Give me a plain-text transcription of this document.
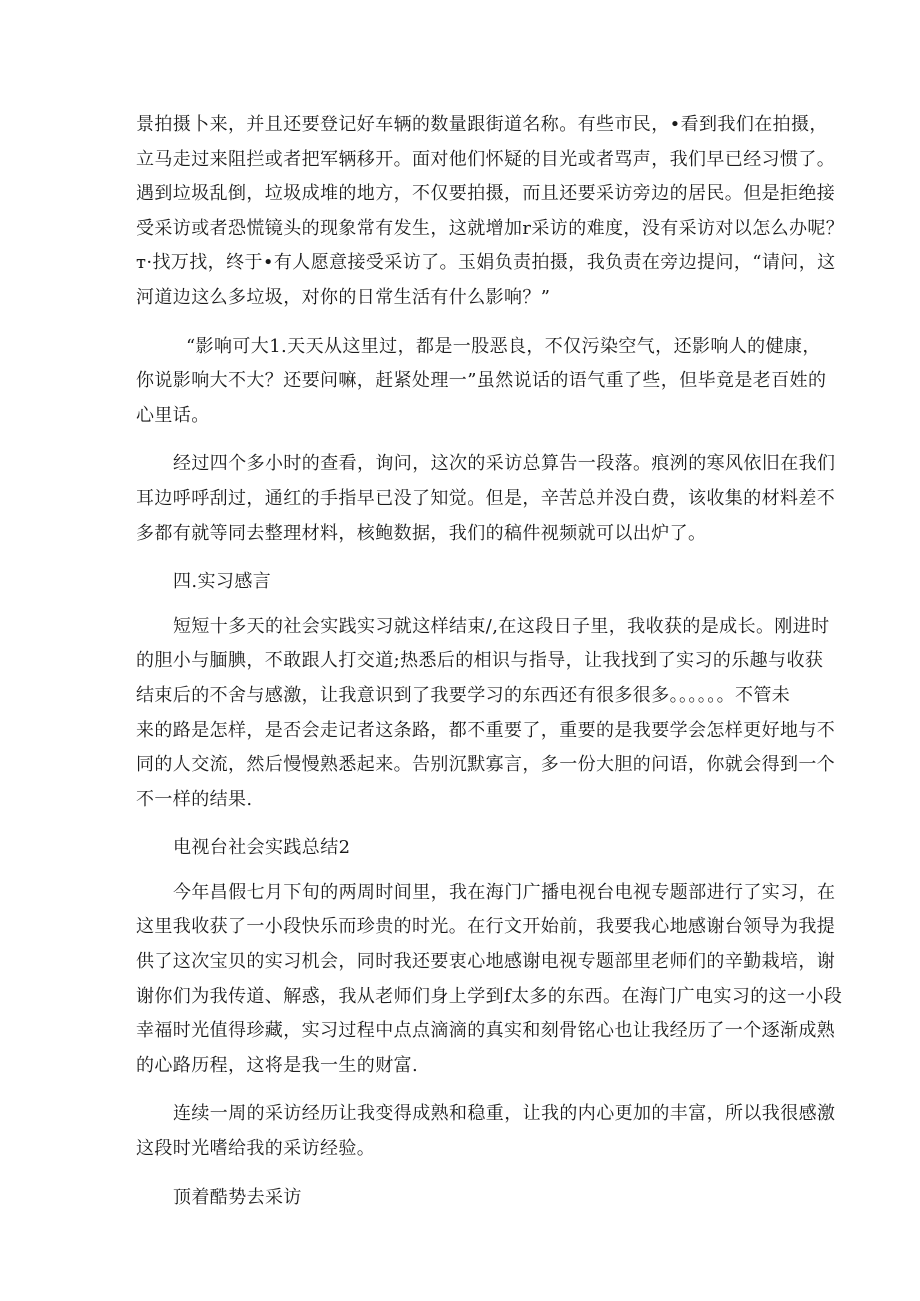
景拍摄卜来，并且还要登记好车辆的数量跟街道名称。有些市民，•看到我们在拍摄，
立马走过来阻拦或者把军辆移开。面对他们怀疑的目光或者骂声，我们早已经习惯了。
遇到垃圾乱倒，垃圾成堆的地方，不仅要拍摄，而且还要采访旁边的居民。但是拒绝接
受采访或者恐慌镜头的现象常有发生，这就增加r采访的难度，没有采访对以怎么办呢？
т·找万找，终于•有人愿意接受采访了。玉娟负责拍摄，我负责在旁边提问，“请问，这
河道边这么多垃圾，对你的日常生活有什么影响？”

“影响可大1.天天从这里过，都是一股恶良，不仅污染空气，还影响人的健康，
你说影响大不大？还要问嘛，赶紧处理一”虽然说话的语气重了些，但毕竟是老百姓的
心里话。

经过四个多小时的查看，询问，这次的采访总算告一段落。痕洌的寒风依旧在我们
耳边呼呼刮过，通红的手指早已没了知觉。但是，辛苦总并没白费，该收集的材料差不
多都有就等同去整理材料，核鲍数据，我们的稿件视频就可以出炉了。

四.实习感言

短短十多天的社会实践实习就这样结束/,在这段日子里，我收获的是成长。刚进时
的胆小与腼腆，不敢跟人打交道;热悉后的相识与指导，让我找到了实习的乐趣与收获
结束后的不舍与感激，让我意识到了我要学习的东西还有很多很多。。。。。。不管未
来的路是怎样，是否会走记者这条路，都不重要了，重要的是我要学会怎样更好地与不
同的人交流，然后慢慢熟悉起来。告别沉默寡言，多一份大胆的问语，你就会得到一个
不一样的结果.

电视台社会实践总结2

今年昌假七月下旬的两周时间里，我在海门广播电视台电视专题部进行了实习，在
这里我收获了一小段快乐而珍贵的时光。在行文开始前，我要我心地感谢台领导为我提
供了这次宝贝的实习机会，同时我还要衷心地感谢电视专题部里老师们的辛勤栽培，谢
谢你们为我传道、解惑，我从老师们身上学到f太多的东西。在海门广电实习的这一小段
幸福时光值得珍藏，实习过程中点点滴滴的真实和刻骨铭心也让我经历了一个逐渐成熟
的心路历程，这将是我一生的财富.

连续一周的采访经历让我变得成熟和稳重，让我的内心更加的丰富，所以我很感激
这段时光嗜给我的采访经验。

顶着酷势去采访
